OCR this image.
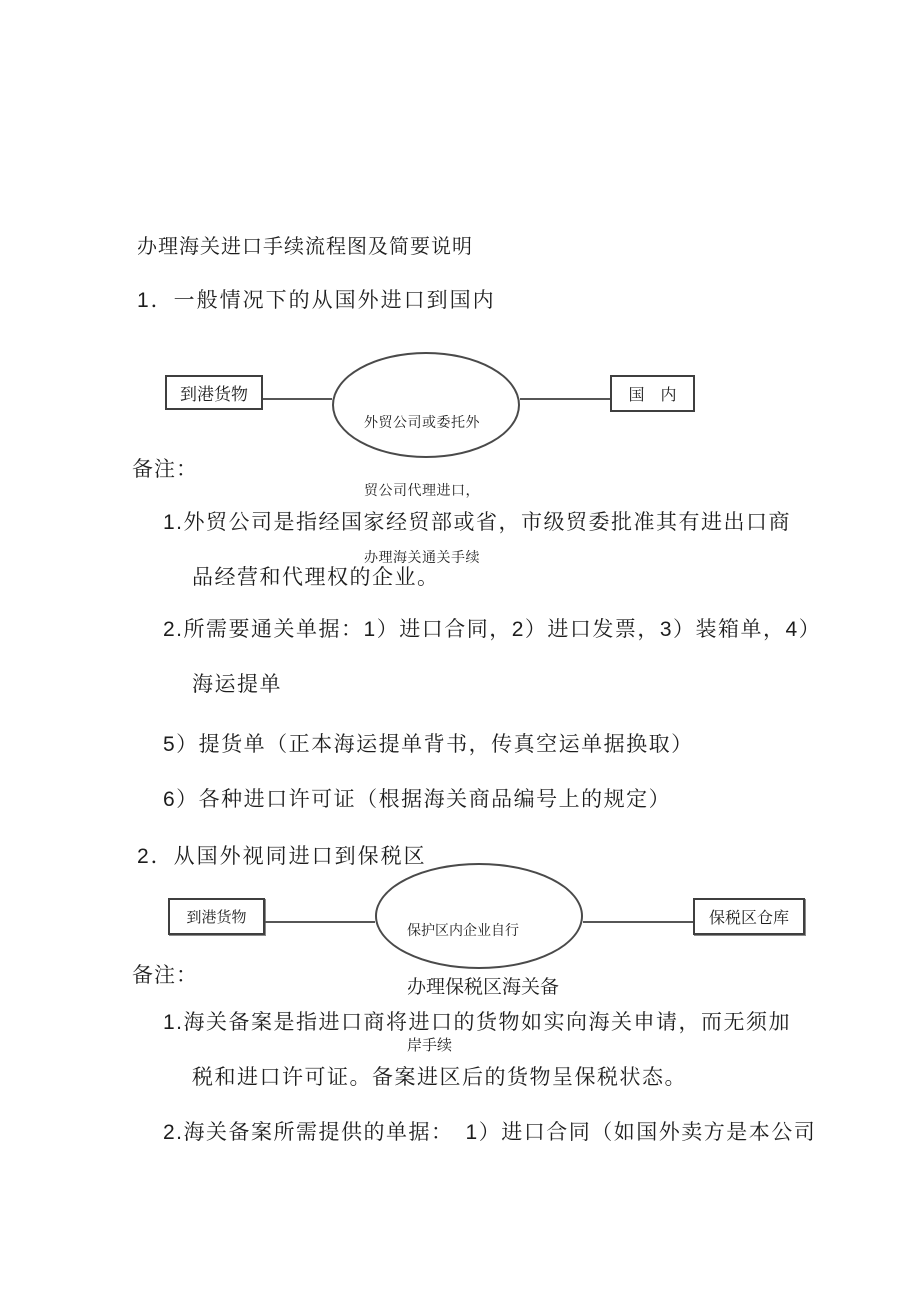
办理海关进口手续流程图及简要说明
1．一般情况下的从国外进口到国内
到港货物

外贸公司或委托外

贸公司代理进口，

办理海关通关手续

国　内
备注：
1.外贸公司是指经国家经贸部或省，市级贸委批准其有进出口商
品经营和代理权的企业。
2.所需要通关单据：1）进口合同，2）进口发票，3）装箱单，4）
海运提单
5）提货单（正本海运提单背书，传真空运单据换取）
6）各种进口许可证（根据海关商品编号上的规定）
2．从国外视同进口到保税区
到港货物

保护区内企业自行

办理保税区海关备

岸手续

保税区仓库
备注：
1.海关备案是指进口商将进口的货物如实向海关申请，而无须加
税和进口许可证。备案进区后的货物呈保税状态。
2.海关备案所需提供的单据：　1）进口合同（如国外卖方是本公司
